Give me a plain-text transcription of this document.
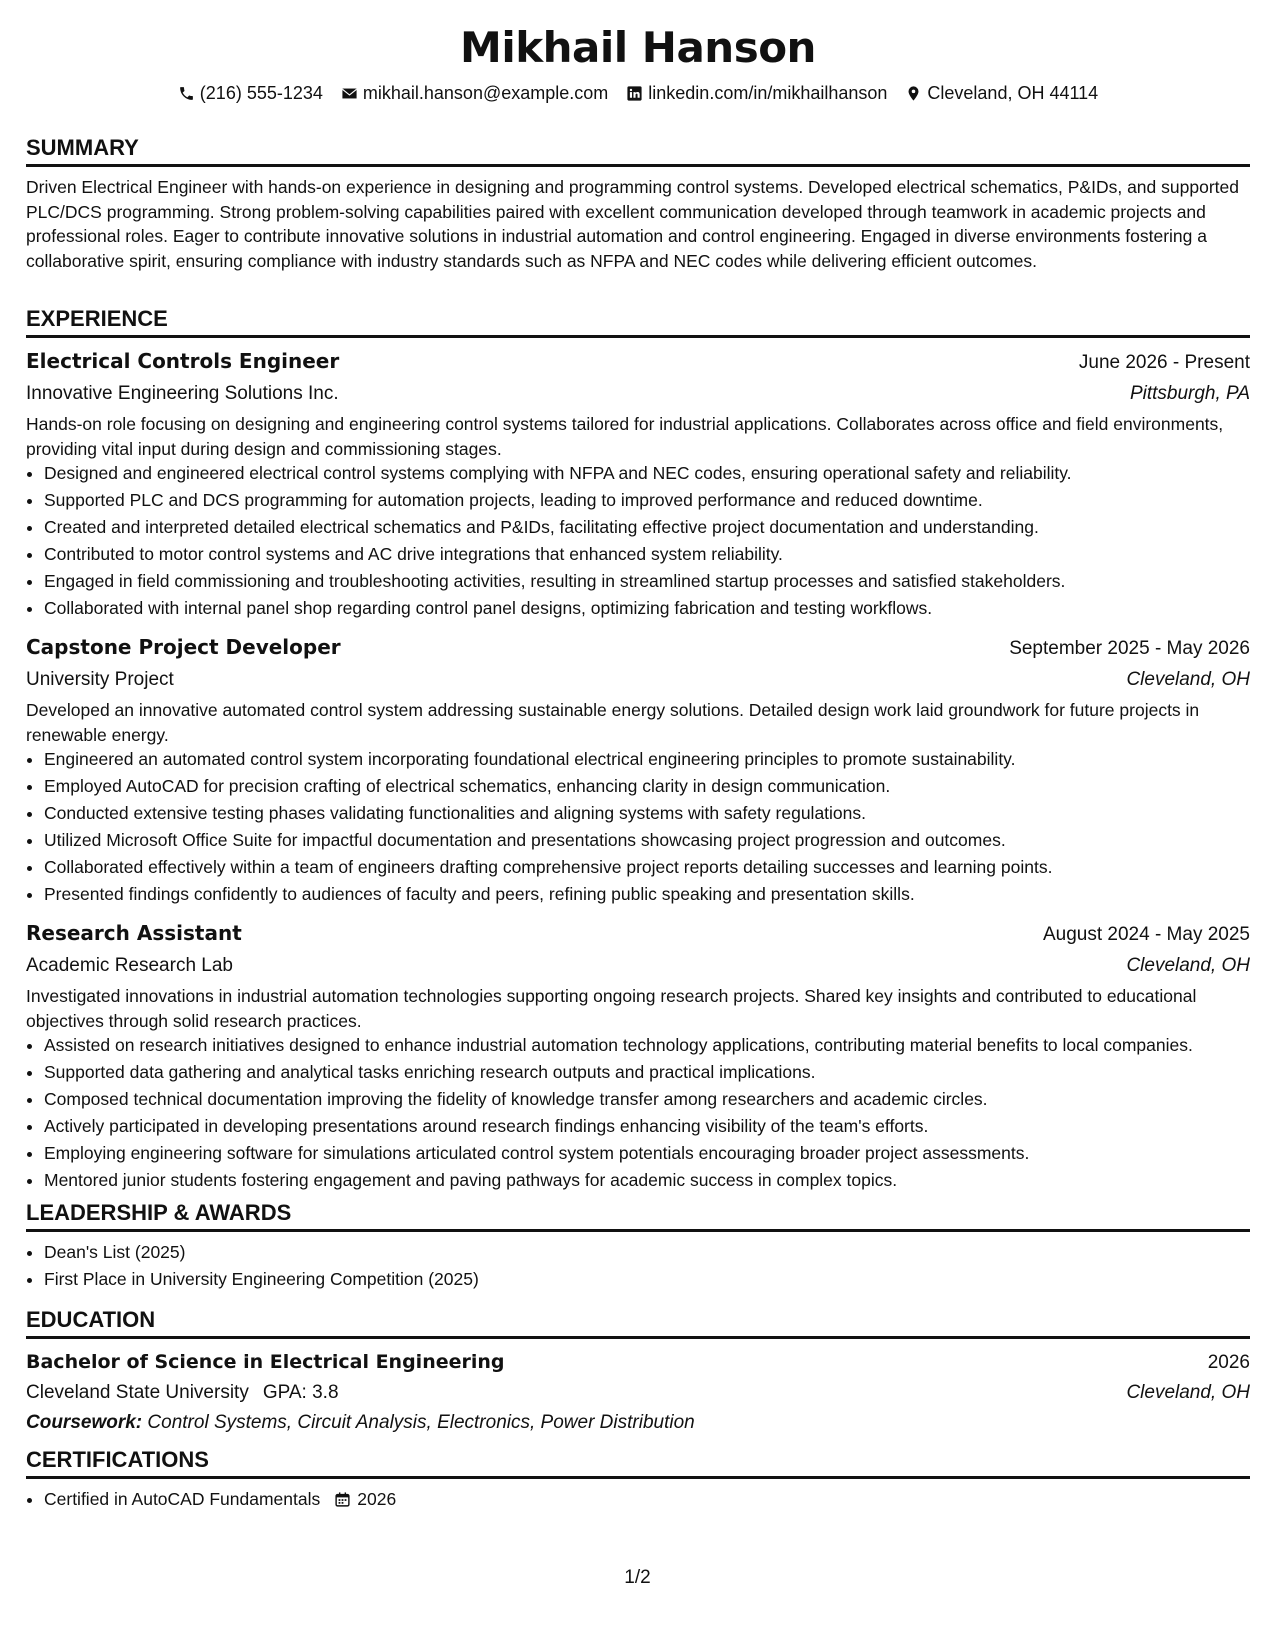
Mikhail Hanson
(216) 555-1234 mikhail.hanson@example.com linkedin.com/in/mikhailhanson Cleveland, OH 44114
SUMMARY

Driven Electrical Engineer with hands-on experience in designing and programming control systems. Developed electrical schematics, P&IDs, and supported PLC/DCS programming. Strong problem-solving capabilities paired with excellent communication developed through teamwork in academic projects and professional roles. Eager to contribute innovative solutions in industrial automation and control engineering. Engaged in diverse environments fostering a collaborative spirit, ensuring compliance with industry standards such as NFPA and NEC codes while delivering efficient outcomes.

EXPERIENCE
Electrical Controls Engineer	June 2026 - Present
Innovative Engineering Solutions Inc.	Pittsburgh, PA

Hands-on role focusing on designing and engineering control systems tailored for industrial applications. Collaborates across office and field environments, providing vital input during design and commissioning stages.

• Designed and engineered electrical control systems complying with NFPA and NEC codes, ensuring operational safety and reliability.
• Supported PLC and DCS programming for automation projects, leading to improved performance and reduced downtime.
• Created and interpreted detailed electrical schematics and P&IDs, facilitating effective project documentation and understanding.
• Contributed to motor control systems and AC drive integrations that enhanced system reliability.
• Engaged in field commissioning and troubleshooting activities, resulting in streamlined startup processes and satisfied stakeholders.
• Collaborated with internal panel shop regarding control panel designs, optimizing fabrication and testing workflows.
Capstone Project Developer	September 2025 - May 2026
University Project	Cleveland, OH

Developed an innovative automated control system addressing sustainable energy solutions. Detailed design work laid groundwork for future projects in renewable energy.

• Engineered an automated control system incorporating foundational electrical engineering principles to promote sustainability.
• Employed AutoCAD for precision crafting of electrical schematics, enhancing clarity in design communication.
• Conducted extensive testing phases validating functionalities and aligning systems with safety regulations.
• Utilized Microsoft Office Suite for impactful documentation and presentations showcasing project progression and outcomes.
• Collaborated effectively within a team of engineers drafting comprehensive project reports detailing successes and learning points.
• Presented findings confidently to audiences of faculty and peers, refining public speaking and presentation skills.
Research Assistant	August 2024 - May 2025
Academic Research Lab	Cleveland, OH

Investigated innovations in industrial automation technologies supporting ongoing research projects. Shared key insights and contributed to educational objectives through solid research practices.

• Assisted on research initiatives designed to enhance industrial automation technology applications, contributing material benefits to local companies.
• Supported data gathering and analytical tasks enriching research outputs and practical implications.
• Composed technical documentation improving the fidelity of knowledge transfer among researchers and academic circles.
• Actively participated in developing presentations around research findings enhancing visibility of the team's efforts.
• Employing engineering software for simulations articulated control system potentials encouraging broader project assessments.
• Mentored junior students fostering engagement and paving pathways for academic success in complex topics.
LEADERSHIP & AWARDS
• Dean's List (2025)
• First Place in University Engineering Competition (2025)
EDUCATION
Bachelor of Science in Electrical Engineering	2026
Cleveland State University GPA: 3.8	Cleveland, OH
Coursework: Control Systems, Circuit Analysis, Electronics, Power Distribution
CERTIFICATIONS
• Certified in AutoCAD Fundamentals 2026
1/2
